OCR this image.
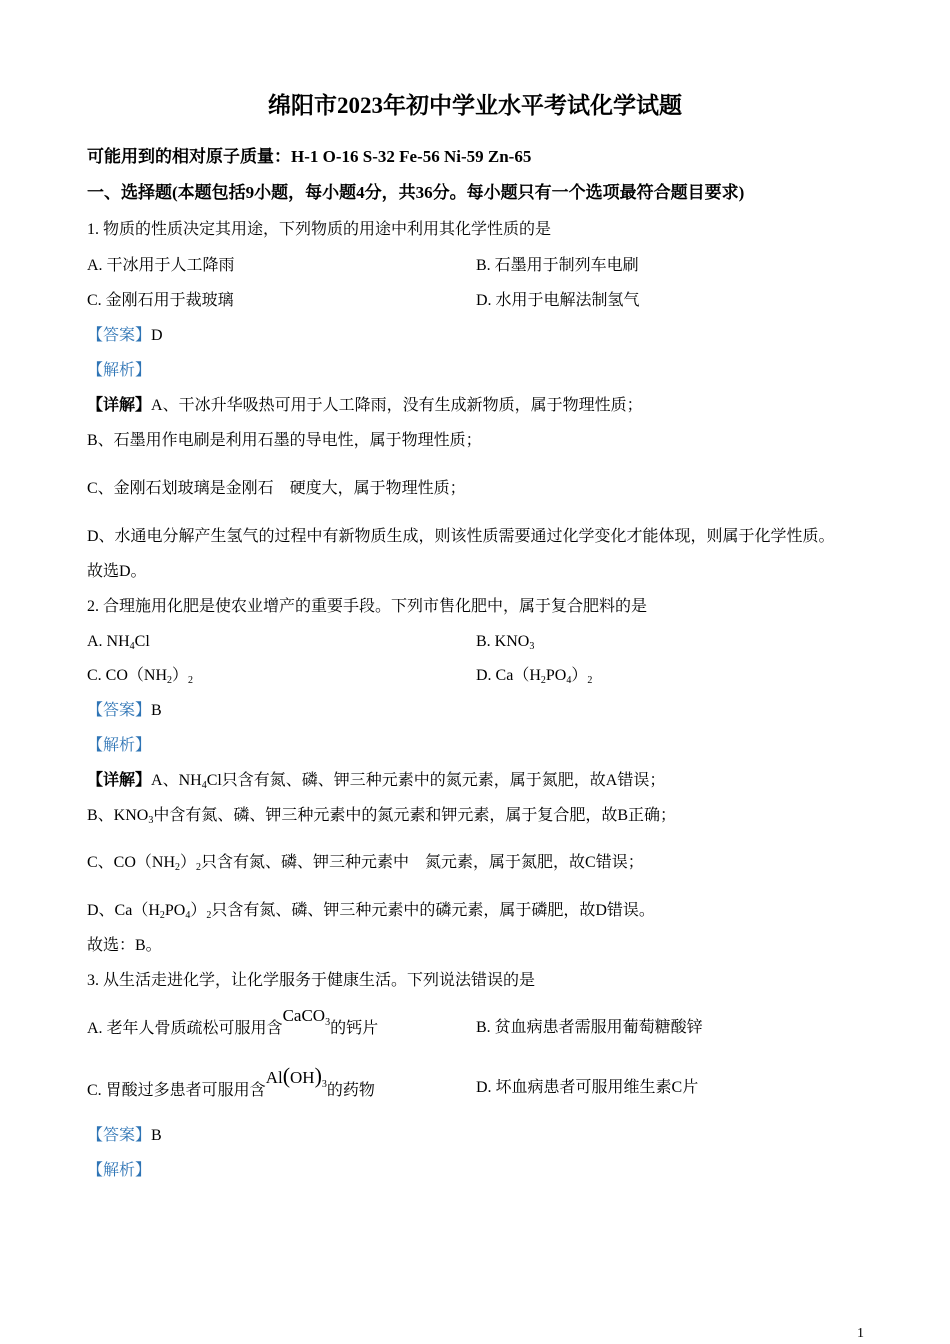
绵阳市2023年初中学业水平考试化学试题
可能用到的相对原子质量：H-1 O-16 S-32 Fe-56 Ni-59 Zn-65
一、选择题(本题包括9小题，每小题4分，共36分。每小题只有一个选项最符合题目要求)
1. 物质的性质决定其用途，下列物质的用途中利用其化学性质的是
A. 干冰用于人工降雨	B. 石墨用于制列车电刷
C. 金刚石用于裁玻璃	D. 水用于电解法制氢气
【答案】D
【解析】
【详解】A、干冰升华吸热可用于人工降雨，没有生成新物质，属于物理性质；
B、石墨用作电刷是利用石墨的导电性，属于物理性质；
C、金刚石划玻璃是金刚石    硬度大，属于物理性质；
D、水通电分解产生氢气的过程中有新物质生成，则该性质需要通过化学变化才能体现，则属于化学性质。
故选D。
2. 合理施用化肥是使农业增产的重要手段。下列市售化肥中，属于复合肥料的是
A. $NH_4Cl$	B. $KNO_3$
C. $CO(NH_2)2$	D. $Ca(H_2PO_4)2$
【答案】B
【解析】
【详解】A、$NH_4Cl$只含有氮、磷、钾三种元素中的氮元素，属于氮肥，故A错误；
B、$KNO_3$中含有氮、磷、钾三种元素中的氮元素和钾元素，属于复合肥，故B正确；
C、$CO(NH_2)2$只含有氮、磷、钾三种元素中    氮元素，属于氮肥，故C错误；
D、$Ca(H_2PO_4)2$只含有氮、磷、钾三种元素中的磷元素，属于磷肥，故D错误。
故选：B。
3. 从生活走进化学，让化学服务于健康生活。下列说法错误的是
A. 老年人骨质疏松可服用含CaCO$_3$的钙片	B. 贫血病患者需服用葡萄糖酸锌
C. 胃酸过多患者可服用含$Al(OH)_3$的药物	D. 坏血病患者可服用维生素C片
【答案】B
【解析】
1
